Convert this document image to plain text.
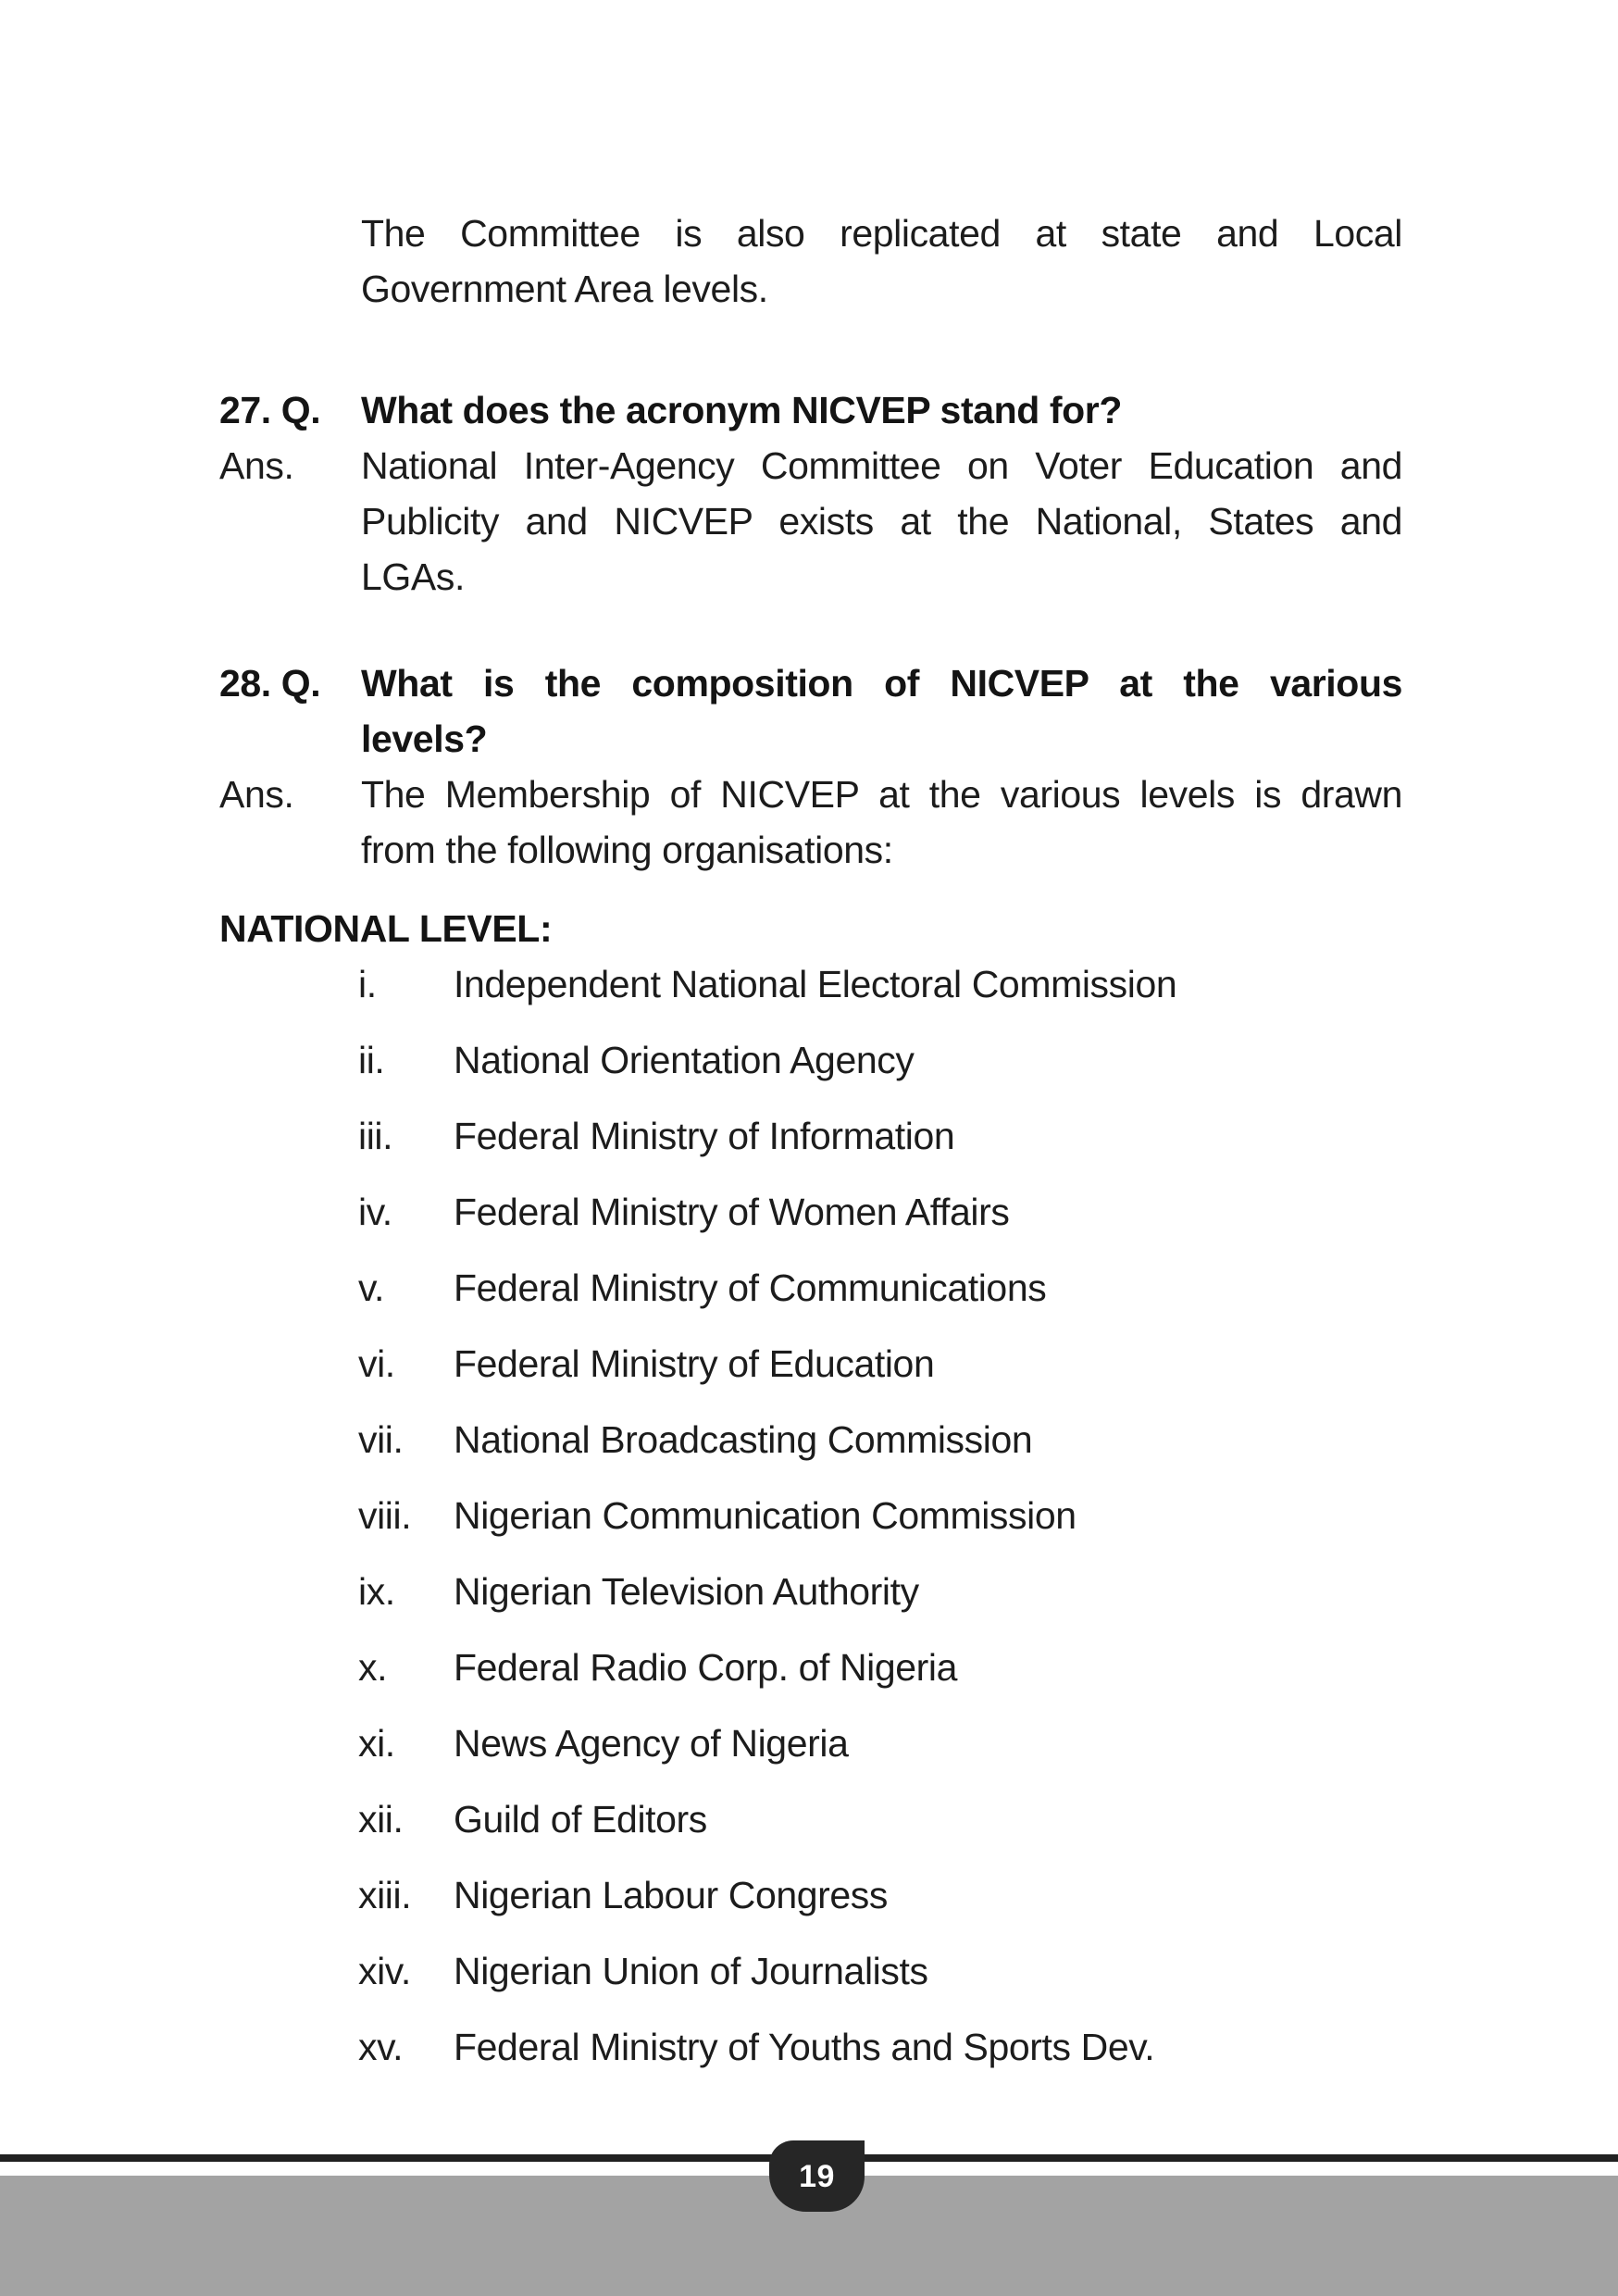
The Committee is also replicated at state and Local
Government Area levels.
27. Q.	What does the acronym NICVEP stand for?
Ans.	National Inter-Agency Committee on Voter Education and
Publicity and NICVEP exists at the National, States and
LGAs.
28. Q.	What is the composition of NICVEP at the various
levels?
Ans.	The Membership of NICVEP at the various levels is drawn
from the following organisations:
NATIONAL LEVEL:
i.	Independent National Electoral Commission
ii.	National Orientation Agency
iii.	Federal Ministry of Information
iv.	Federal Ministry of Women Affairs
v.	Federal Ministry of Communications
vi.	Federal Ministry of Education
vii.	National Broadcasting Commission
viii.	Nigerian Communication Commission
ix.	Nigerian Television Authority
x.	Federal Radio Corp. of Nigeria
xi.	News Agency of Nigeria
xii.	Guild of Editors
xiii.	Nigerian Labour Congress
xiv.	Nigerian Union of Journalists
xv.	Federal Ministry of Youths and Sports Dev.
19
